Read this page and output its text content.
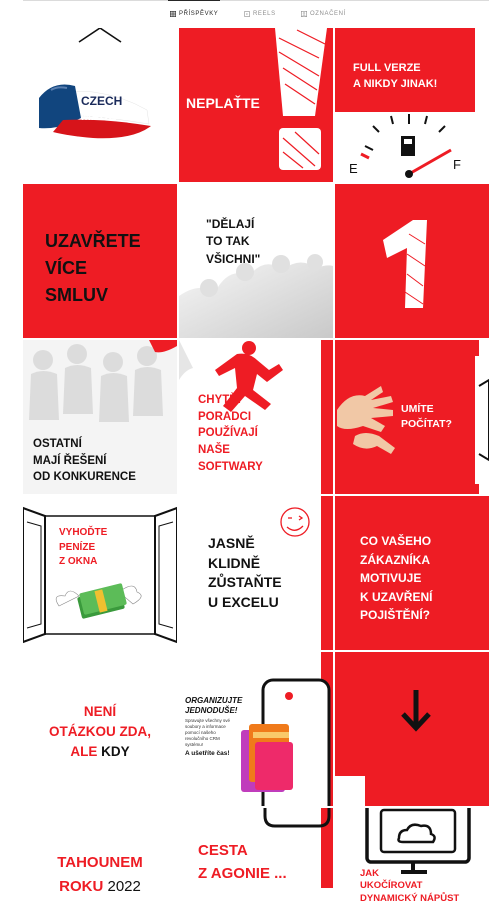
PŘÍSPĚVKY	REELS	OZNAČENÍ
CZECH
MADE
NEPLAŤTE
FULL VERZE
A NIKDY JINAK!
E	F
UZAVŘETE
VÍCE
SMLUV
"DĚLAJÍ
TO TAK
VŠICHNI"
OSTATNÍ
MAJÍ ŘEŠENÍ
OD KONKURENCE
CHYTŘÍ
PORADCI
POUŽÍVAJÍ
NAŠE
SOFTWARY
UMÍTE
POČÍTAT?
VYHOĎTE
PENÍZE
Z OKNA
JASNĚ
KLIDNĚ
ZŮSTAŇTE
U EXCELU
CO VAŠEHO
ZÁKAZNÍKA
MOTIVUJE
K UZAVŘENÍ
POJIŠTĚNÍ?
NENÍ
OTÁZKOU ZDA,
ALE KDY
ORGANIZUJTE
JEDNODUŠE!
Spravujte všechny své
soubory a informace
pomocí našeho
revolučního CRM
systému!
A ušetříte čas!
TAHOUNEM
ROKU 2022
CESTA
Z AGONIE ...	JAK
UKOČÍROVAT
DYNAMICKÝ NÁPŮST
